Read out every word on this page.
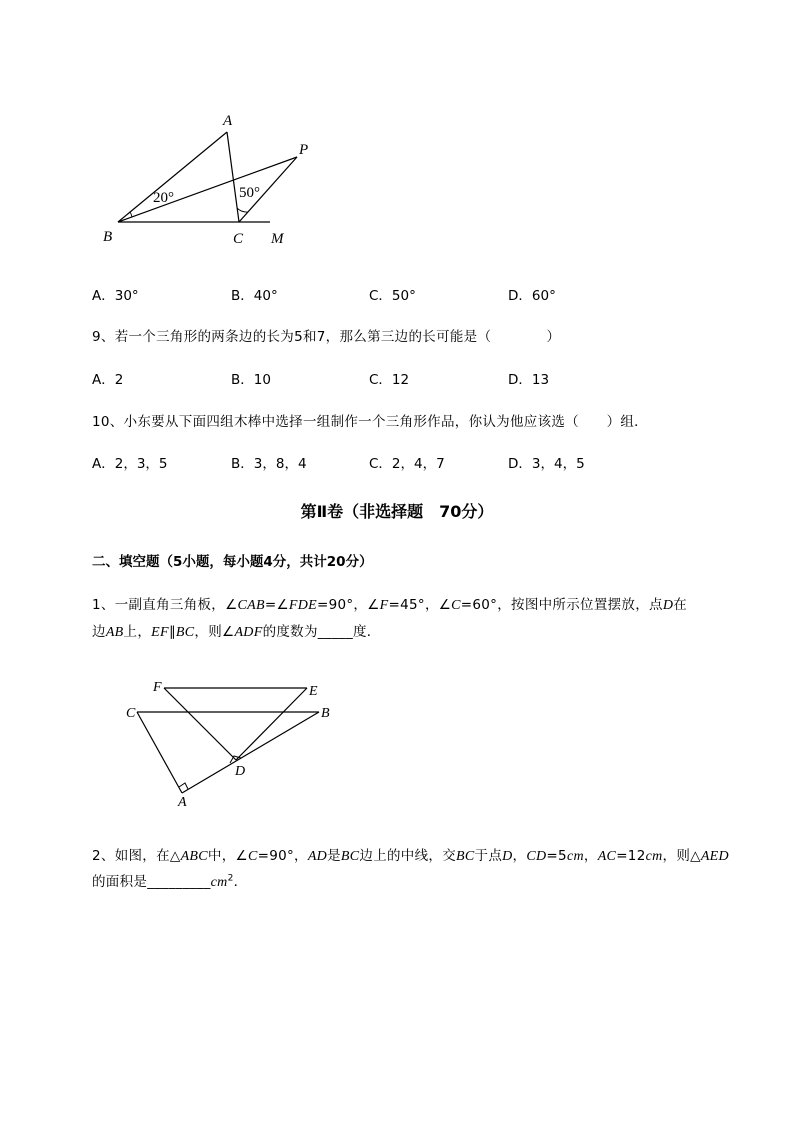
A
P
B	C M
20°	50°
A．30°	B．40°	C．50°	D．60°
9、若一个三角形的两条边的长为5和7，那么第三边的长可能是（　　　　）
A．2	B．10	C．12	D．13
10、小东要从下面四组木棒中选择一组制作一个三角形作品，你认为他应该选（　　）组．
A．2，3，5	B．3，8，4	C．2，4，7	D．3，4，5
第Ⅱ卷（非选择题　70分）
二、填空题（5小题，每小题4分，共计20分）
1、一副直角三角板，∠CAB=∠FDE=90°，∠F=45°，∠C=60°，按图中所示位置摆放，点D在
边AB上，EF∥BC，则∠ADF的度数为_____度．
F	E
C	B
D
A
2、如图，在△ABC中，∠C=90°，AD是BC边上的中线，交BC于点D，CD=5cm，AC=12cm，则△AED
的面积是$\_\_\_\_\_\_\_\_\_cm^2$．
